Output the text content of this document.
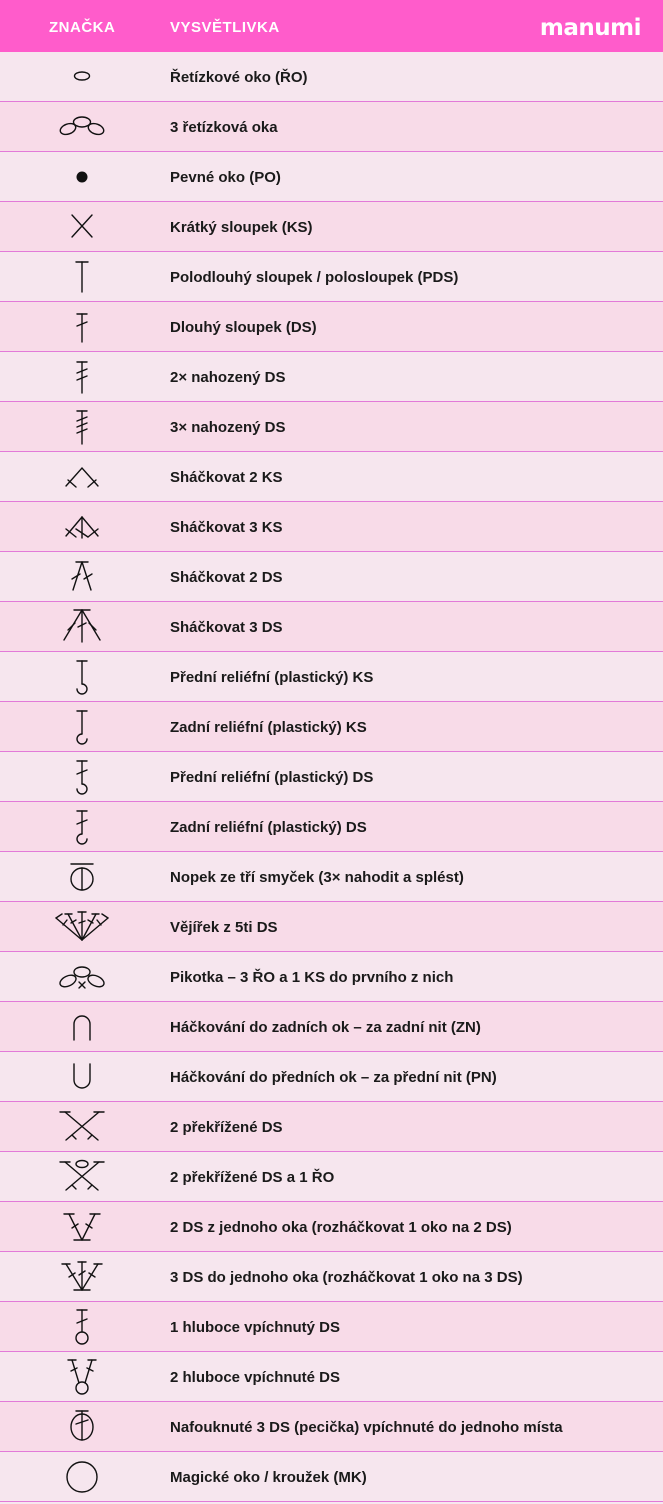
ZNAČKA	VYSVĚTLIVKA	manumi
Řetízkové oko (ŘO)
3 řetízková oka
Pevné oko (PO)
Krátký sloupek (KS)
Polodlouhý sloupek / polosloupek (PDS)
Dlouhý sloupek (DS)
2× nahozený DS
3× nahozený DS
Sháčkovat 2 KS
Sháčkovat 3 KS
Sháčkovat 2 DS
Sháčkovat 3 DS
Přední reliéfní (plastický) KS
Zadní reliéfní (plastický) KS
Přední reliéfní (plastický) DS
Zadní reliéfní (plastický) DS
Nopek ze tří smyček (3× nahodit a splést)
Vějířek z 5ti DS
Pikotka – 3 ŘO a 1 KS do prvního z nich
Háčkování do zadních ok – za zadní nit (ZN)
Háčkování do předních ok – za přední nit (PN)
2 překřížené DS
2 překřížené DS a 1 ŘO
2 DS z jednoho oka (rozháčkovat 1 oko na 2 DS)
3 DS do jednoho oka (rozháčkovat 1 oko na 3 DS)
1 hluboce vpíchnutý DS
2 hluboce vpíchnuté DS
Nafouknuté 3 DS (pecička) vpíchnuté do jednoho místa
Magické oko / kroužek (MK)
